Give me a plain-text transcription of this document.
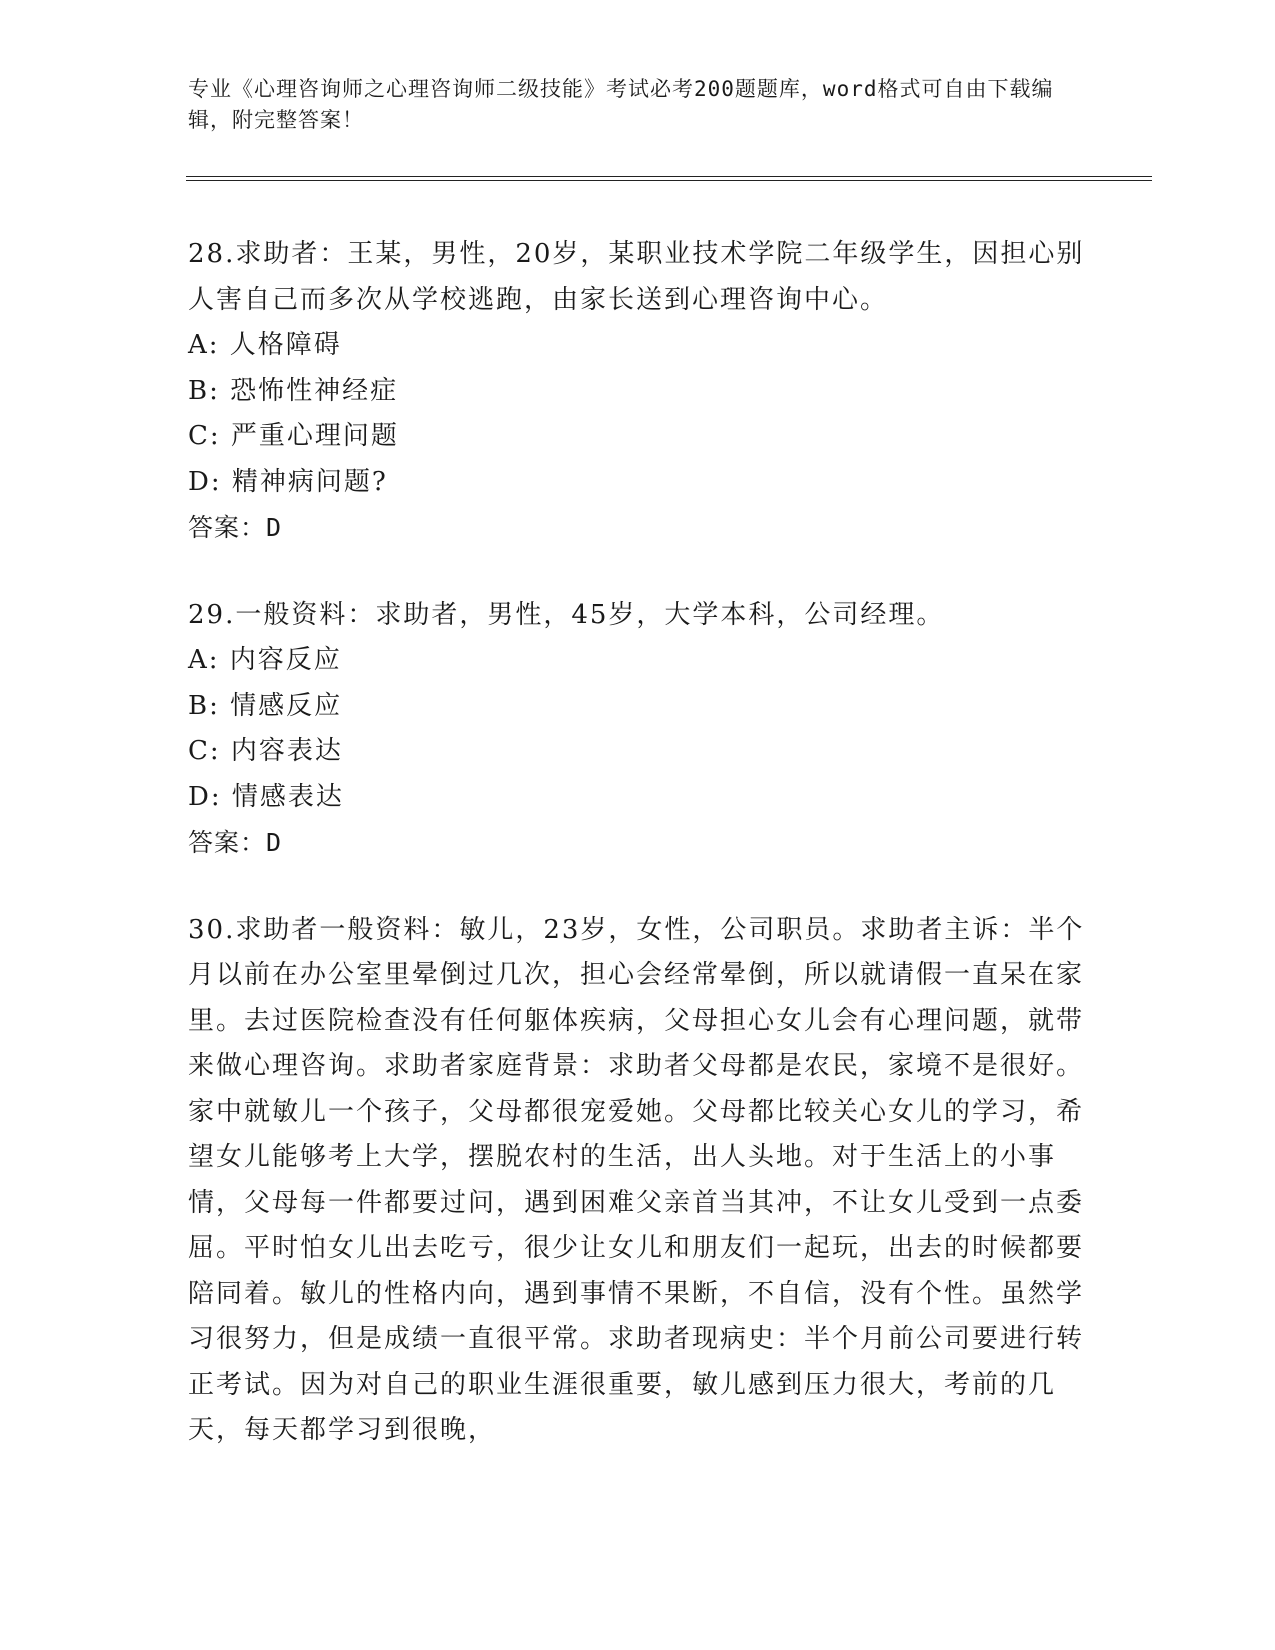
专业《心理咨询师之心理咨询师二级技能》考试必考200题题库，word格式可自由下载编辑，附完整答案！

28.求助者：王某，男性，20岁，某职业技术学院二年级学生，因担心别人害自己而多次从学校逃跑，由家长送到心理咨询中心。

A: 人格障碍

B: 恐怖性神经症

C: 严重心理问题

D: 精神病问题?

答案：D

29.一般资料：求助者，男性，45岁，大学本科，公司经理。

A: 内容反应

B: 情感反应

C: 内容表达

D: 情感表达

答案：D

30.求助者一般资料：敏儿，23岁，女性，公司职员。求助者主诉：半个月以前在办公室里晕倒过几次，担心会经常晕倒，所以就请假一直呆在家里。去过医院检查没有任何躯体疾病，父母担心女儿会有心理问题，就带来做心理咨询。求助者家庭背景：求助者父母都是农民，家境不是很好。家中就敏儿一个孩子，父母都很宠爱她。父母都比较关心女儿的学习，希望女儿能够考上大学，摆脱农村的生活，出人头地。对于生活上的小事情，父母每一件都要过问，遇到困难父亲首当其冲，不让女儿受到一点委屈。平时怕女儿出去吃亏，很少让女儿和朋友们一起玩，出去的时候都要陪同着。敏儿的性格内向，遇到事情不果断，不自信，没有个性。虽然学习很努力，但是成绩一直很平常。求助者现病史：半个月前公司要进行转正考试。因为对自己的职业生涯很重要，敏儿感到压力很大，考前的几天，每天都学习到很晚，
